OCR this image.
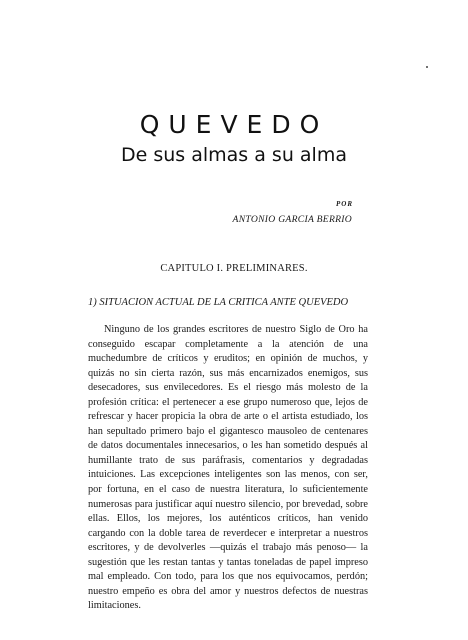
QUEVEDO
De sus almas a su alma
POR
ANTONIO GARCIA BERRIO
CAPITULO I. PRELIMINARES.
1) SITUACION ACTUAL DE LA CRITICA ANTE QUEVEDO

Ninguno de los grandes escritores de nuestro Siglo de Oro ha conseguido escapar completamente a la atención de una muchedumbre de críticos y eruditos; en opinión de muchos, y quizás no sin cierta razón, sus más encarnizados enemigos, sus desecadores, sus envilecedores. Es el riesgo más molesto de la profesión crítica: el pertenecer a ese grupo numeroso que, lejos de refrescar y hacer propicia la obra de arte o el artista estudiado, los han sepultado primero bajo el gigantesco mausoleo de centenares de datos documentales innecesarios, o les han sometido después al humillante trato de sus paráfrasis, comentarios y degradadas intuiciones. Las excepciones inteligentes son las menos, con ser, por fortuna, en el caso de nuestra literatura, lo suficientemente numerosas para justificar aquí nuestro silencio, por brevedad, sobre ellas. Ellos, los mejores, los auténticos críticos, han venido cargando con la doble tarea de reverdecer e interpretar a nuestros escritores, y de devolverles —quizás el trabajo más penoso— la sugestión que les restan tantas y tantas toneladas de papel impreso mal empleado. Con todo, para los que nos equivocamos, perdón; nuestro empeño es obra del amor y nuestros defectos de nuestras limitaciones.
